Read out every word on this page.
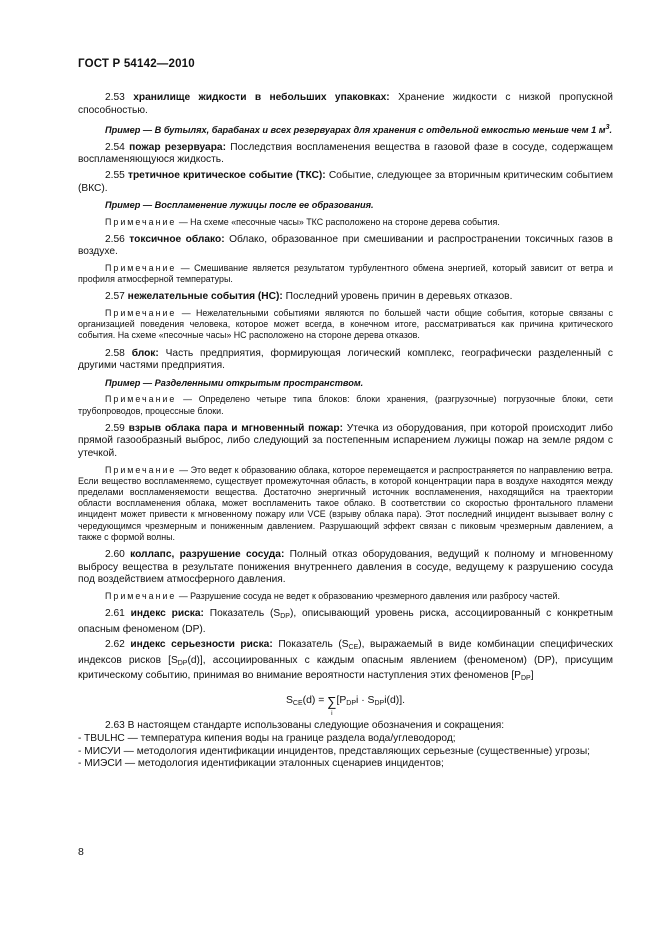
ГОСТ Р 54142—2010

2.53 хранилище жидкости в небольших упаковках: Хранение жидкости с низкой пропускной способностью.

Пример — В бутылях, барабанах и всех резервуарах для хранения с отдельной емкостью меньше чем 1 $м^3$.

2.54 пожар резервуара: Последствия воспламенения вещества в газовой фазе в сосуде, содержащем воспламеняющуюся жидкость.

2.55 третичное критическое событие (ТКС): Событие, следующее за вторичным критическим событием (ВКС).

Пример — Воспламенение лужицы после ее образования.

Примечание — На схеме «песочные часы» ТКС расположено на стороне дерева события.

2.56 токсичное облако: Облако, образованное при смешивании и распространении токсичных газов в воздухе.

Примечание — Смешивание является результатом турбулентного обмена энергией, который зависит от ветра и профиля атмосферной температуры.

2.57 нежелательные события (НС): Последний уровень причин в деревьях отказов.

Примечание — Нежелательными событиями являются по большей части общие события, которые связаны с организацией поведения человека, которое может всегда, в конечном итоге, рассматриваться как причина критического события. На схеме «песочные часы» НС расположено на стороне дерева отказов.

2.58 блок: Часть предприятия, формирующая логический комплекс, географически разделенный с другими частями предприятия.

Пример — Разделенными открытым пространством.

Примечание — Определено четыре типа блоков: блоки хранения, (разгрузочные) погрузочные блоки, сети трубопроводов, процессные блоки.

2.59 взрыв облака пара и мгновенный пожар: Утечка из оборудования, при которой происходит либо прямой газообразный выброс, либо следующий за постепенным испарением лужицы пожар на земле рядом с утечкой.

Примечание — Это ведет к образованию облака, которое перемещается и распространяется по направлению ветра. Если вещество воспламеняемо, существует промежуточная область, в которой концентрации пара в воздухе находятся между пределами воспламеняемости вещества. Достаточно энергичный источник воспламенения, находящийся на траектории области воспламенения облака, может воспламенить такое облако. В соответствии со скоростью фронтального пламени инцидент может привести к мгновенному пожару или VCE (взрыву облака пара). Этот последний инцидент вызывает волну с чередующимся чрезмерным и пониженным давлением. Разрушающий эффект связан с пиковым чрезмерным давлением, а также с формой волны.

2.60 коллапс, разрушение сосуда: Полный отказ оборудования, ведущий к полному и мгновенному выбросу вещества в результате понижения внутреннего давления в сосуде, ведущему к разрушению сосуда под воздействием атмосферного давления.

Примечание — Разрушение сосуда не ведет к образованию чрезмерного давления или разбросу частей.

2.61 индекс риска: Показатель $(S_{DP})$, описывающий уровень риска, ассоциированный с конкретным опасным феноменом (DP).

2.62 индекс серьезности риска: Показатель $(S_{CE})$, выражаемый в виде комбинации специфических индексов рисков $[S_{DP}(d)]$, ассоциированных с каждым опасным явлением (феноменом) (DP), присущим критическому событию, принимая во внимание вероятности наступления этих феноменов $[P_{DP}]$

$S_{CE}(d)$ = ∑
i
$[P_{DP}i \cdot S_{DP}i(d)]$.

2.63 В настоящем стандарте использованы следующие обозначения и сокращения:

- TBULHC — температура кипения воды на границе раздела вода/углеводород;

- МИСУИ — методология идентификации инцидентов, представляющих серьезные (существенные) угрозы;

- МИЭСИ — методология идентификации эталонных сценариев инцидентов;

8
